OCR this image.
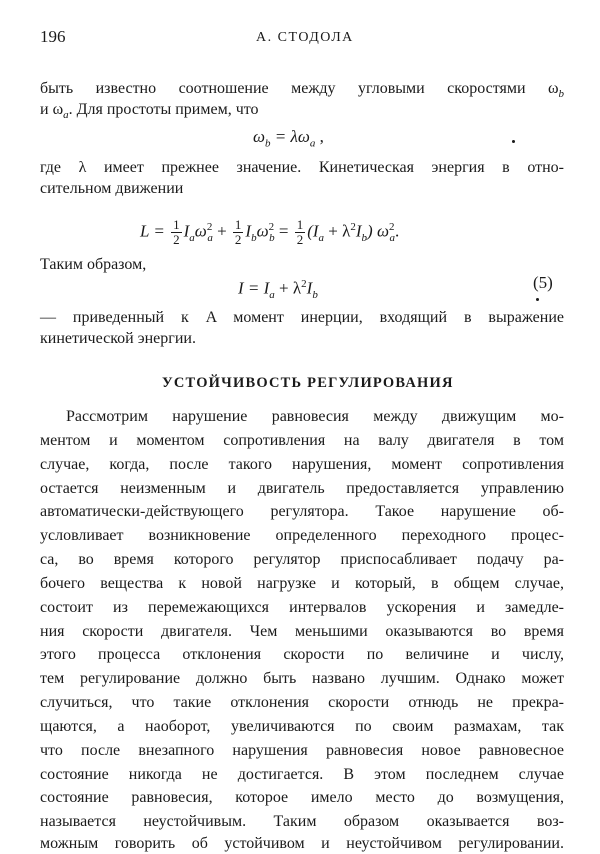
196	А. СТОДОЛА
быть известно соотношение между угловыми скоростями $\omega_b$
и $\omega_a$. Для простоты примем, что
$\omega_b = \lambda\omega_a$ ,
где λ имеет прежнее значение. Кинетическая энергия в отно-
сительном движении
$L = \frac{1}{2} I_a\omega^2_a + \frac{1}{2} I_b\omega^2_b = \frac{1}{2} (I_a + \lambda^2I_b)$ $\omega^2_a$.
Таким образом,
$I = I_a + \lambda^2I_b$
(5)
— приведенный к A момент инерции, входящий в выражение
кинетической энергии.
УСТОЙЧИВОСТЬ РЕГУЛИРОВАНИЯ
Рассмотрим нарушение равновесия между движущим мо-
ментом и моментом сопротивления на валу двигателя в том
случае, когда, после такого нарушения, момент сопротивления
остается неизменным и двигатель предоставляется управлению
автоматически-действующего регулятора. Такое нарушение об-
условливает возникновение определенного переходного процес-
са, во время которого регулятор приспосабливает подачу ра-
бочего вещества к новой нагрузке и который, в общем случае,
состоит из перемежающихся интервалов ускорения и замедле-
ния скорости двигателя. Чем меньшими оказываются во время
этого процесса отклонения скорости по величине и числу,
тем регулирование должно быть названо лучшим. Однако может
случиться, что такие отклонения скорости отнюдь не прекра-
щаются, а наоборот, увеличиваются по своим размахам, так
что после внезапного нарушения равновесия новое равновесное
состояние никогда не достигается. В этом последнем случае
состояние равновесия, которое имело место до возмущения,
называется неустойчивым. Таким образом оказывается воз-
можным говорить об устойчивом и неустойчивом регулировании.
